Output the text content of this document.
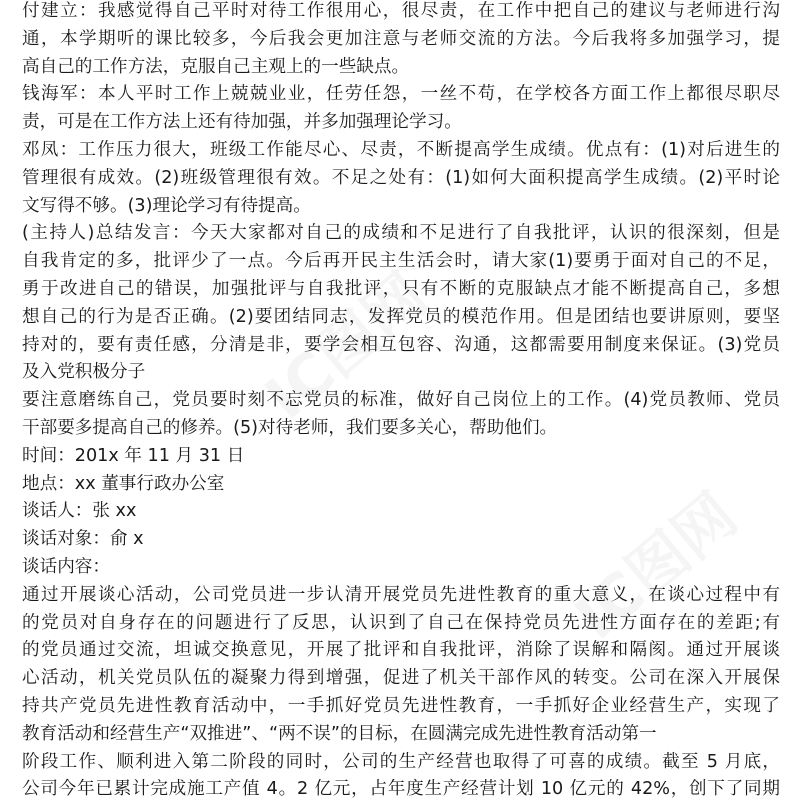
付建立：我感觉得自己平时对待工作很用心，很尽责，在工作中把自己的建议与老师进行沟
通，本学期听的课比较多，今后我会更加注意与老师交流的方法。今后我将多加强学习，提
高自己的工作方法，克服自己主观上的一些缺点。
钱海军：本人平时工作上兢兢业业，任劳任怨，一丝不苟，在学校各方面工作上都很尽职尽
责，可是在工作方法上还有待加强，并多加强理论学习。
邓凤：工作压力很大，班级工作能尽心、尽责，不断提高学生成绩。优点有：(1)对后进生的
管理很有成效。(2)班级管理很有效。不足之处有：(1)如何大面积提高学生成绩。(2)平时论
文写得不够。(3)理论学习有待提高。
(主持人)总结发言：今天大家都对自己的成绩和不足进行了自我批评，认识的很深刻，但是
自我肯定的多，批评少了一点。今后再开民主生活会时，请大家(1)要勇于面对自己的不足，
勇于改进自己的错误，加强批评与自我批评，只有不断的克服缺点才能不断提高自己，多想
想自己的行为是否正确。(2)要团结同志，发挥党员的模范作用。但是团结也要讲原则，要坚
持对的，要有责任感，分清是非，要学会相互包容、沟通，这都需要用制度来保证。(3)党员
及入党积极分子
要注意磨练自己，党员要时刻不忘党员的标准，做好自己岗位上的工作。(4)党员教师、党员
干部要多提高自己的修养。(5)对待老师，我们要多关心，帮助他们。
时间：201x 年 11 月 31 日
地点：xx 董事行政办公室
谈话人：张 xx
谈话对象：俞 x
谈话内容：
通过开展谈心活动，公司党员进一步认清开展党员先进性教育的重大意义，在谈心过程中有
的党员对自身存在的问题进行了反思，认识到了自己在保持党员先进性方面存在的差距;有
的党员通过交流，坦诚交换意见，开展了批评和自我批评，消除了误解和隔阂。通过开展谈
心活动，机关党员队伍的凝聚力得到增强，促进了机关干部作风的转变。公司在深入开展保
持共产党员先进性教育活动中，一手抓好党员先进性教育，一手抓好企业经营生产，实现了
教育活动和经营生产“双推进”、“两不误”的目标，在圆满完成先进性教育活动第一
阶段工作、顺利进入第二阶段的同时，公司的生产经营也取得了可喜的成绩。截至 5 月底，
公司今年已累计完成施工产值 4。2 亿元，占年度生产经营计划 10 亿元的 42%，创下了同期
